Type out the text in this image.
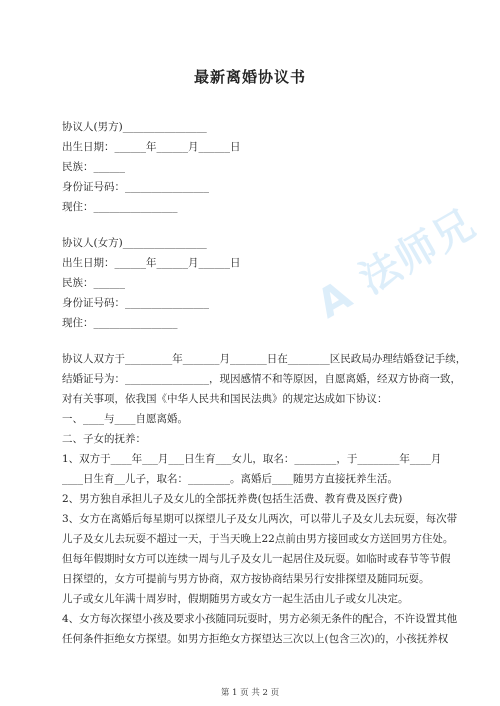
最新离婚协议书
协议人(男方)________________
出生日期：______年______月______日
民族：______
身份证号码：________________
现住：________________
协议人(女方)________________
出生日期：______年______月______日
民族：______
身份证号码：________________
现住：________________
协议人双方于_________年_______月_______日在________区民政局办理结婚登记手续，
结婚证号为：________________，现因感情不和等原因，自愿离婚，经双方协商一致，
对有关事项，依我国《中华人民共和国民法典》的规定达成如下协议：
一、____与____自愿离婚。
二、子女的抚养：
1、双方于____年___月___日生育___女儿，取名：________，于________年____月
____日生育__儿子，取名：________。离婚后____随男方直接抚养生活。
2、男方独自承担儿子及女儿的全部抚养费(包括生活费、教育费及医疗费)
3、女方在离婚后每星期可以探望儿子及女儿两次，可以带儿子及女儿去玩耍，每次带
儿子及女儿去玩耍不超过一天，于当天晚上22点前由男方接回或女方送回男方住处。
但每年假期时女方可以连续一周与儿子及女儿一起居住及玩耍。如临时或春节等节假
日探望的，女方可提前与男方协商，双方按协商结果另行安排探望及随同玩耍。
儿子或女儿年满十周岁时，假期随男方或女方一起生活由儿子或女儿决定。
4、女方每次探望小孩及要求小孩随同玩耍时，男方必须无条件的配合，不许设置其他
任何条件拒绝女方探望。如男方拒绝女方探望达三次以上(包含三次)的，小孩抚养权
A 法师兄
第 1 页 共 2 页
